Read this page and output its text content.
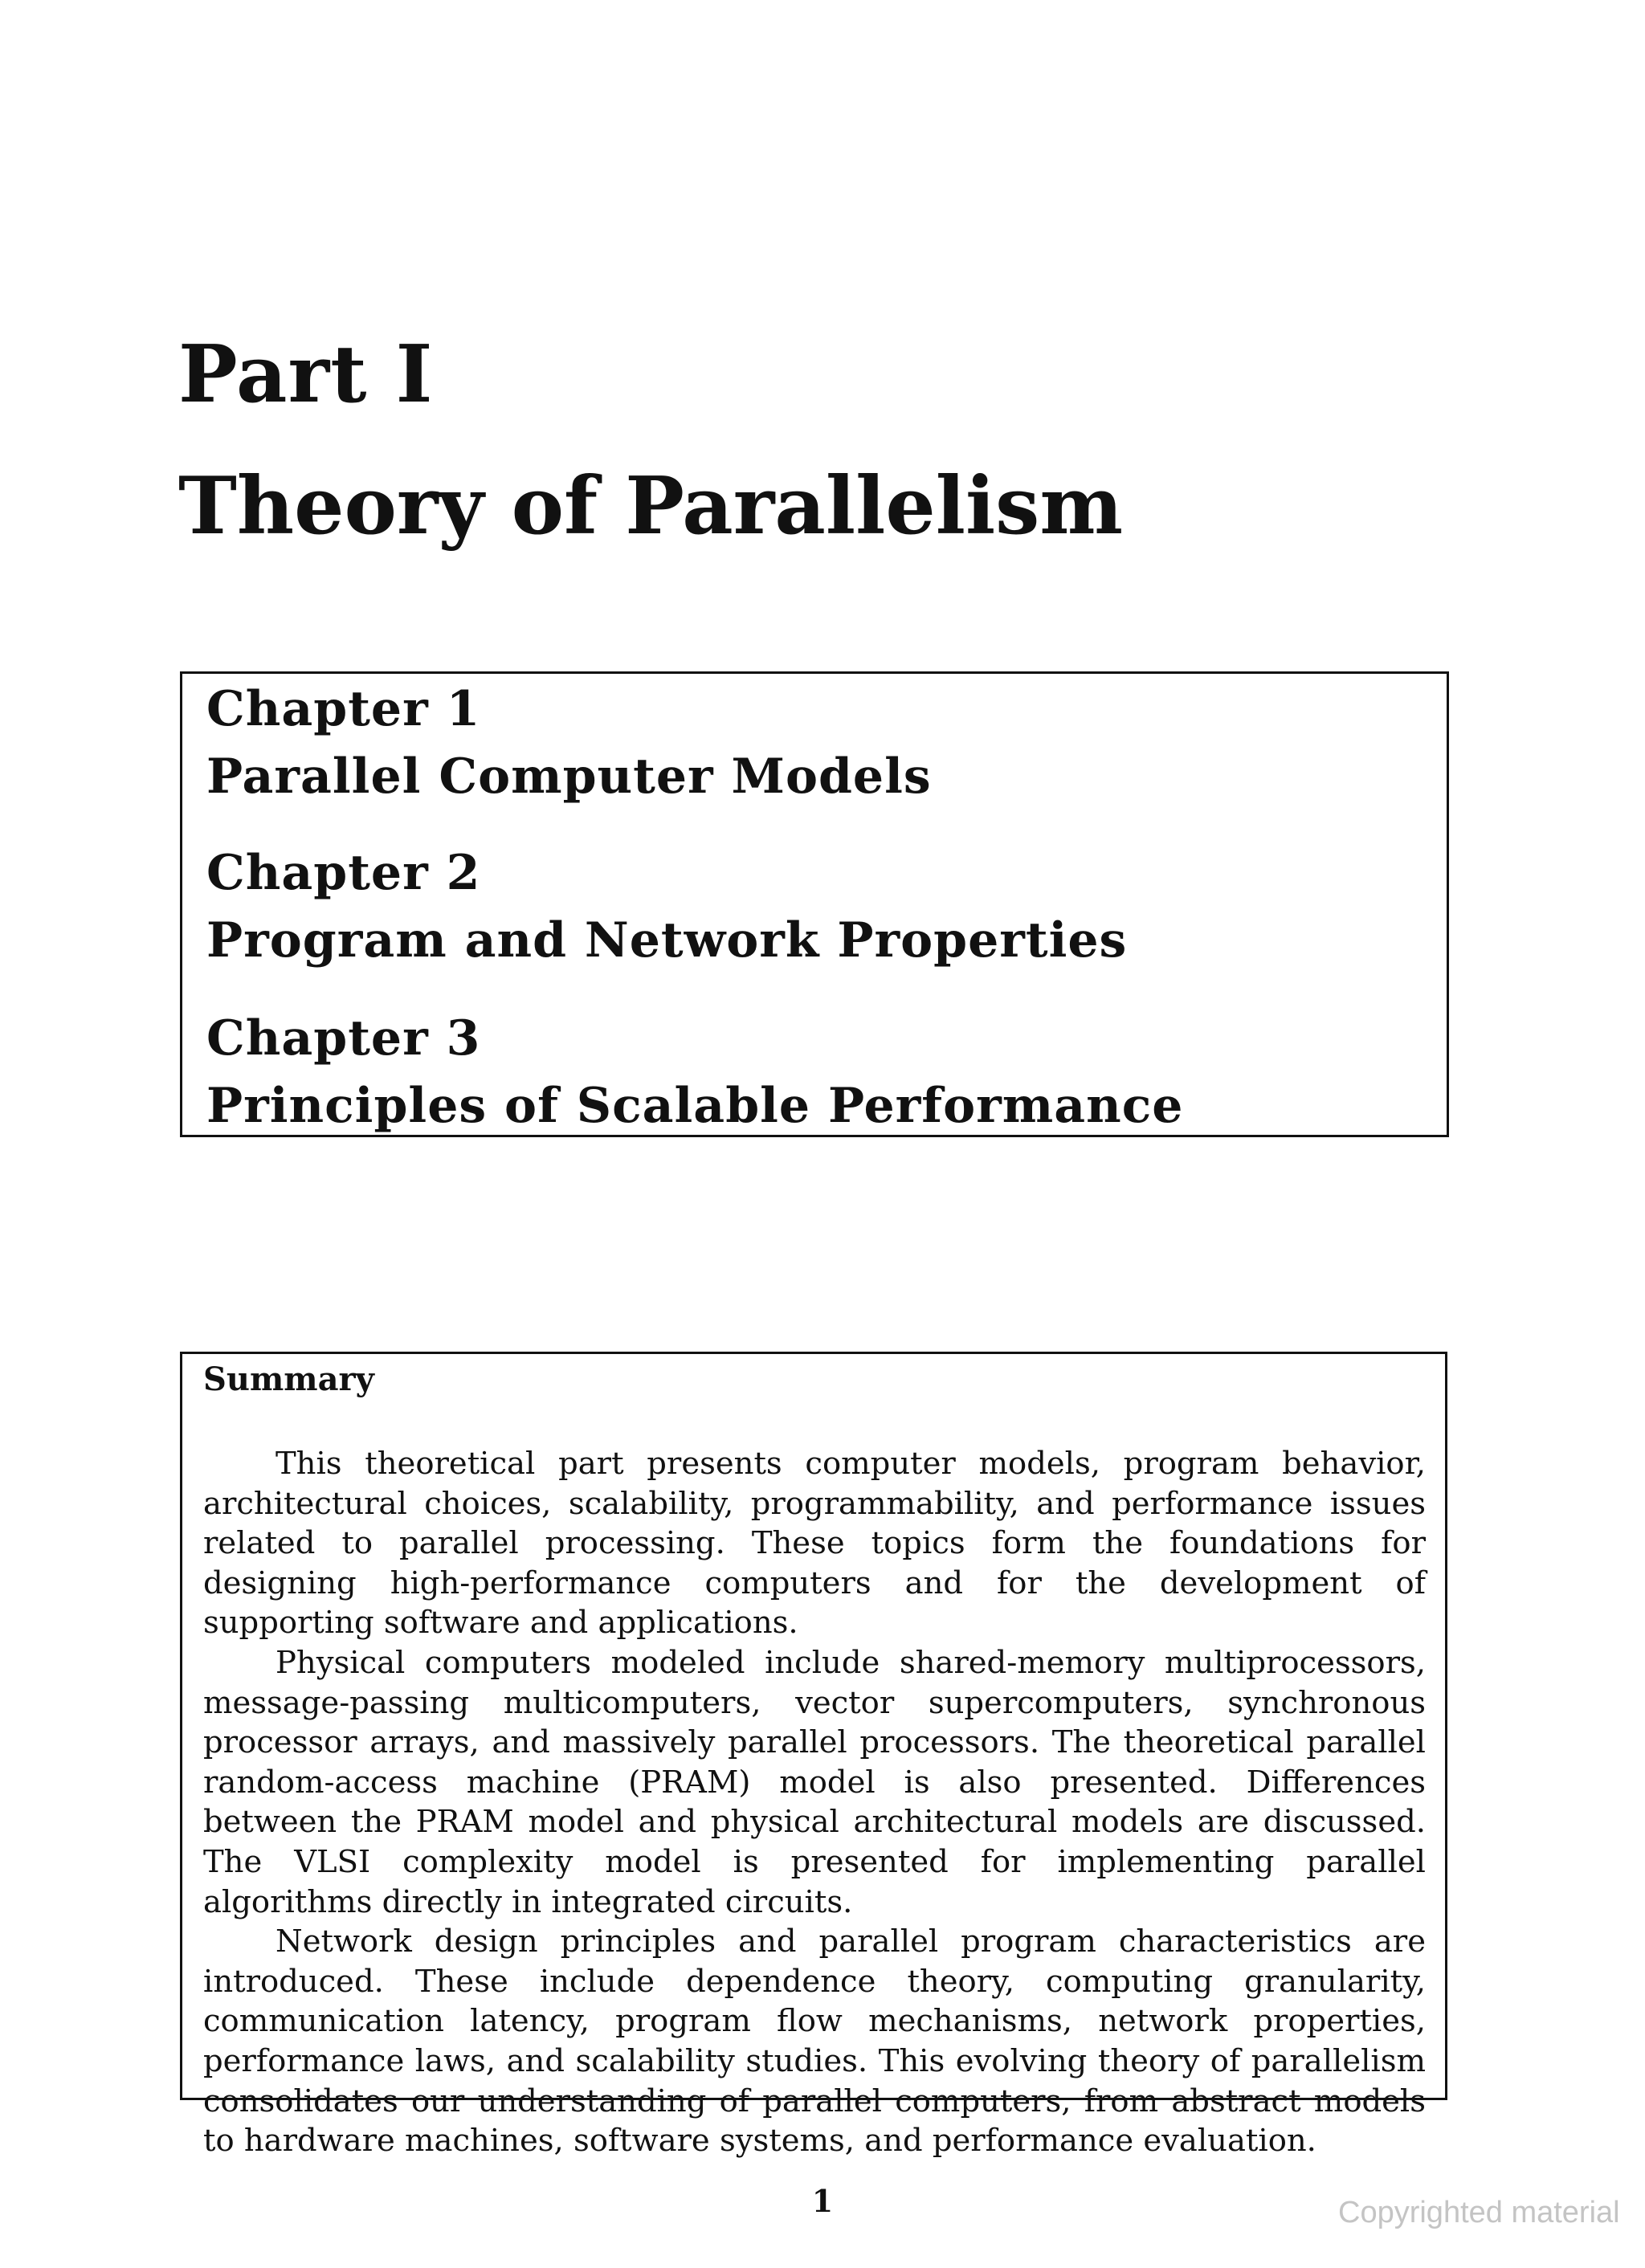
Part I
Theory of Parallelism
Chapter 1
Parallel Computer Models
Chapter 2
Program and Network Properties
Chapter 3
Principles of Scalable Performance
Summary

This theoretical part presents computer models, program behavior, architectural choices, scalability, programmability, and performance issues related to parallel processing. These topics form the foundations for designing high-performance computers and for the development of supporting software and applications.

Physical computers modeled include shared-memory multiprocessors, message-passing multicomputers, vector supercomputers, synchronous processor arrays, and massively parallel processors. The theoretical parallel random-access machine (PRAM) model is also presented. Differences between the PRAM model and physical architectural models are discussed. The VLSI complexity model is presented for implementing parallel algorithms directly in integrated circuits.

Network design principles and parallel program characteristics are introduced. These include dependence theory, computing granularity, communication latency, program flow mechanisms, network properties, performance laws, and scalability studies. This evolving theory of parallelism consolidates our understanding of parallel computers, from abstract models to hardware machines, software systems, and performance evaluation.

1	Copyrighted material
